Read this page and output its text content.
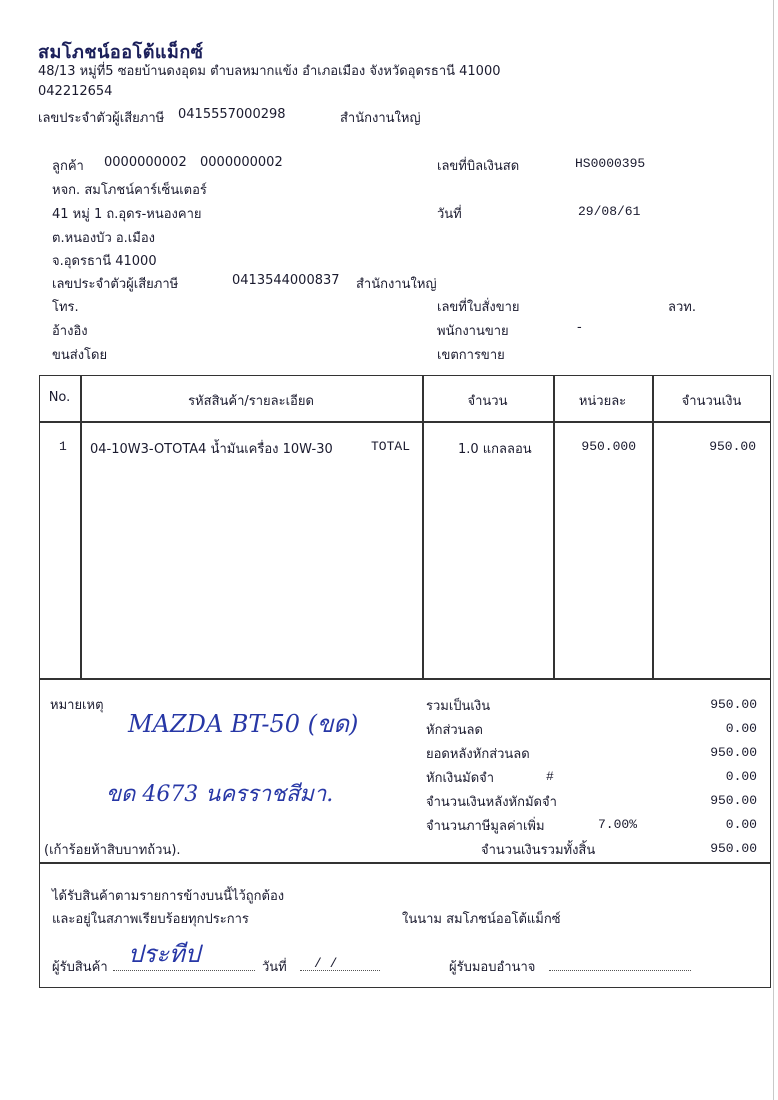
สมโภชน์ออโต้แม็กซ์
48/13 หมู่ที่5 ซอยบ้านดงอุดม ตำบลหมากแข้ง อำเภอเมือง จังหวัดอุดรธานี 41000
042212654
เลขประจำตัวผู้เสียภาษี 0415557000298	สำนักงานใหญ่
ลูกค้า 0000000002 0000000002
หจก. สมโภชน์คาร์เซ็นเตอร์
41 หมู่ 1 ถ.อุดร-หนองคาย
ต.หนองบัว อ.เมือง
จ.อุดรธานี 41000
เลขประจำตัวผู้เสียภาษี	0413544000837 สำนักงานใหญ่
โทร.
อ้างอิง
ขนส่งโดย
เลขที่บิลเงินสด	HS0000395
วันที่	29/08/61
เลขที่ใบสั่งขาย	ลวท.
พนักงานขาย	-
เขตการขาย
No.	รหัสสินค้า/รายละเอียด	จำนวน	หน่วยละ	จำนวนเงิน
1 04-10W3-OTOTA4 น้ำมันเครื่อง 10W-30	TOTAL	1.0 แกลลอน	950.000	950.00
หมายเหตุ
MAZDA BT-50 (ขด)
ขด 4673 นครราชสีมา.
รวมเป็นเงิน	950.00
หักส่วนลด	0.00
ยอดหลังหักส่วนลด	950.00
หักเงินมัดจำ	#	0.00
จำนวนเงินหลังหักมัดจำ	950.00
จำนวนภาษีมูลค่าเพิ่ม	7.00%	0.00
(เก้าร้อยห้าสิบบาทถ้วน).	จำนวนเงินรวมทั้งสิ้น	950.00
ได้รับสินค้าตามรายการข้างบนนี้ไว้ถูกต้อง
และอยู่ในสภาพเรียบร้อยทุกประการ	ในนาม สมโภชน์ออโต้แม็กซ์
ผู้รับสินค้า ประทีป	วันที่ / /	ผู้รับมอบอำนาจ
